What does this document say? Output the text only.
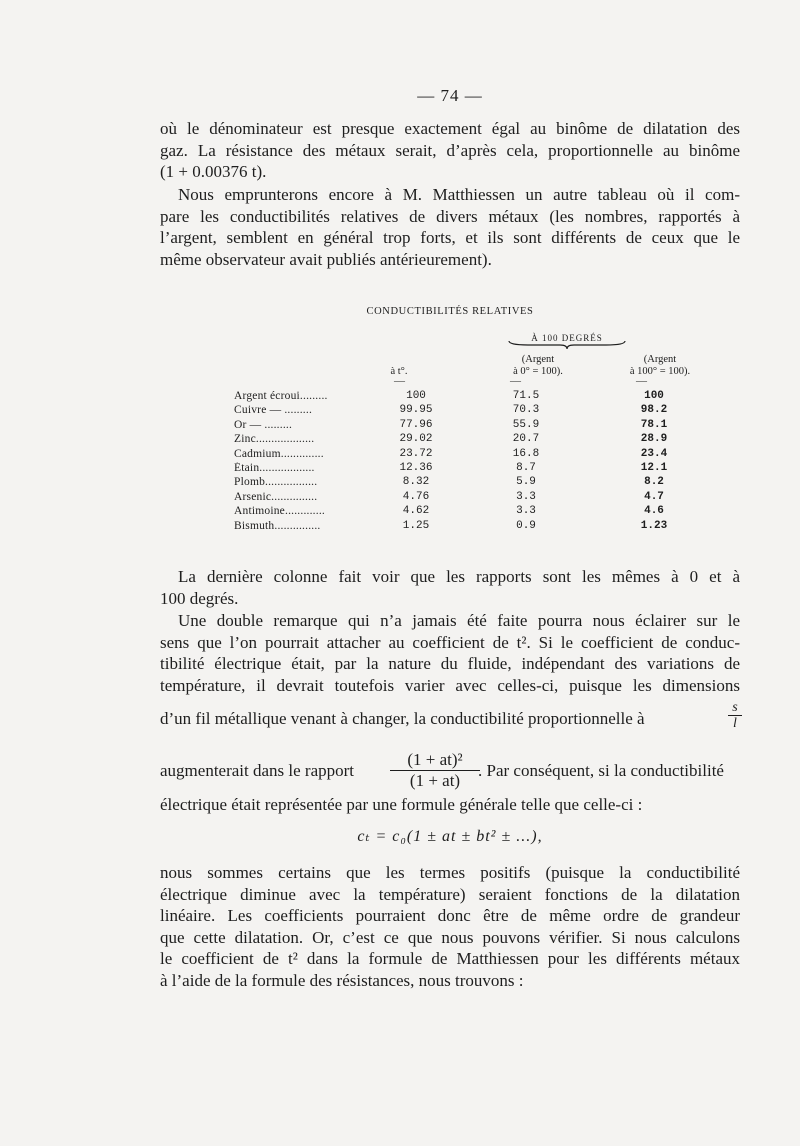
— 74 —
où le dénominateur est presque exactement égal au binôme de dilatation des
gaz. La résistance des métaux serait, d’après cela, proportionnelle au binôme
(1 + 0.00376 t).
Nous emprunterons encore à M. Matthiessen un autre tableau où il com-
pare les conductibilités relatives de divers métaux (les nombres, rapportés à
l’argent, semblent en général trop forts, et ils sont différents de ceux que le
même observateur avait publiés antérieurement).
CONDUCTIBILITÉS RELATIVES
À 100 DEGRÉS
à t°.
(Argent
à 0° = 100).
(Argent
à 100° = 100).
—	—	—
Argent écroui.........	100	71.5	100
Cuivre — .........	99.95	70.3	98.2
Or — .........	77.96	55.9	78.1
Zinc...................	29.02	20.7	28.9
Cadmium..............	23.72	16.8	23.4
Étain..................	12.36	8.7	12.1
Plomb.................	8.32	5.9	8.2
Arsenic...............	4.76	3.3	4.7
Antimoine.............	4.62	3.3	4.6
Bismuth...............	1.25	0.9	1.23
La dernière colonne fait voir que les rapports sont les mêmes à 0 et à
100 degrés.
Une double remarque qui n’a jamais été faite pourra nous éclairer sur le
sens que l’on pourrait attacher au coefficient de t². Si le coefficient de conduc-
tibilité électrique était, par la nature du fluide, indépendant des variations de
température, il devrait toutefois varier avec celles-ci, puisque les dimensions
d’un fil métallique venant à changer, la conductibilité proportionnelle à	$\frac{s}{l}$
augmenterait dans le rapport	$\frac{\text{(1 + at)²}}{(1 + at)}$
. Par conséquent, si la conductibilité
électrique était représentée par une formule générale telle que celle-ci :
cₜ = c₀(1 ± at ± bt² ± ...),
nous sommes certains que les termes positifs (puisque la conductibilité
électrique diminue avec la température) seraient fonctions de la dilatation
linéaire. Les coefficients pourraient donc être de même ordre de grandeur
que cette dilatation. Or, c’est ce que nous pouvons vérifier. Si nous calculons
le coefficient de t² dans la formule de Matthiessen pour les différents métaux
à l’aide de la formule des résistances, nous trouvons :
